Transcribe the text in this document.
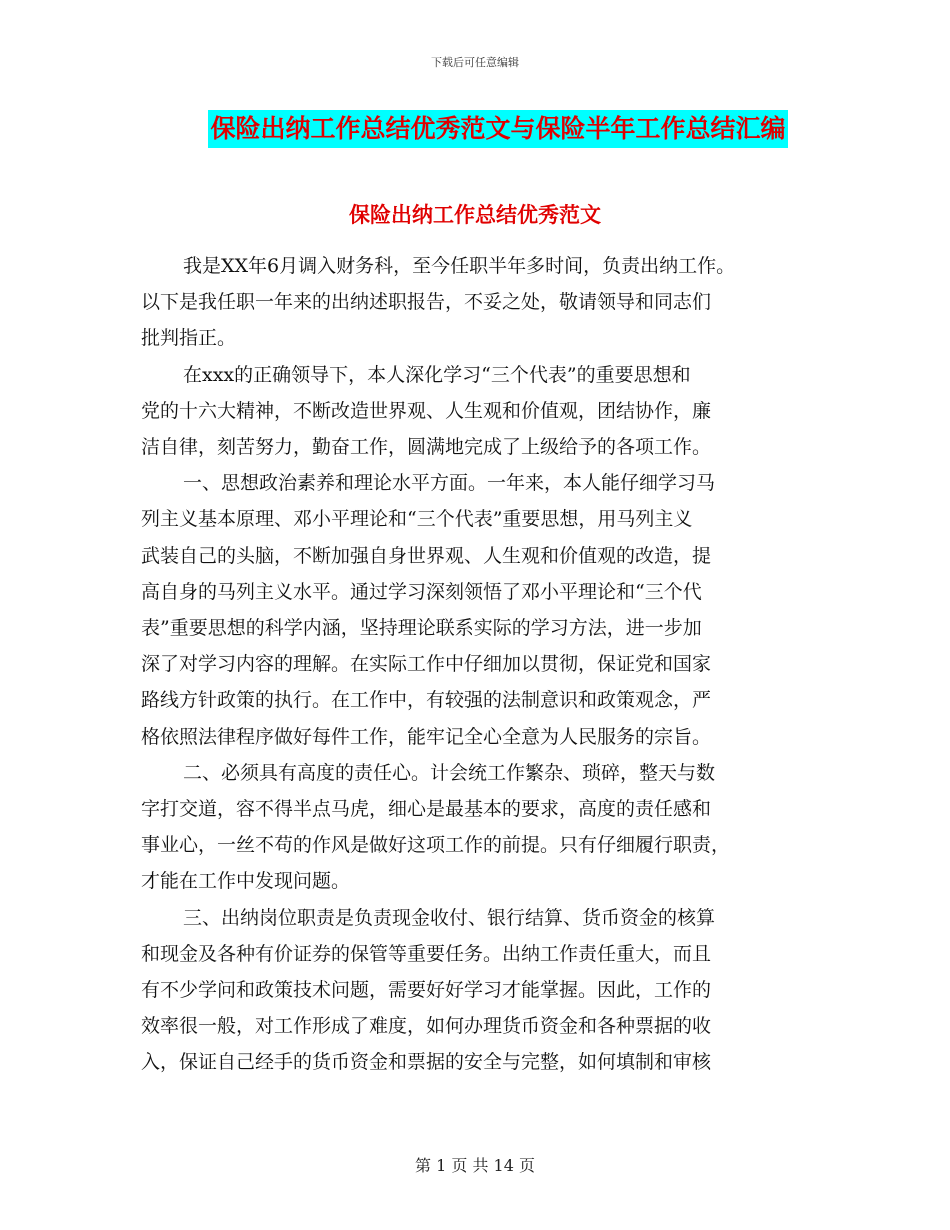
下载后可任意编辑
保险出纳工作总结优秀范文与保险半年工作总结汇编
保险出纳工作总结优秀范文

我是XX年6月调入财务科，至今任职半年多时间，负责出纳工作。
以下是我任职一年来的出纳述职报告，不妥之处，敬请领导和同志们
批判指正。

在xxx的正确领导下，本人深化学习“三个代表”的重要思想和
党的十六大精神，不断改造世界观、人生观和价值观，团结协作，廉
洁自律，刻苦努力，勤奋工作，圆满地完成了上级给予的各项工作。

一、思想政治素养和理论水平方面。一年来，本人能仔细学习马
列主义基本原理、邓小平理论和“三个代表”重要思想，用马列主义
武装自己的头脑，不断加强自身世界观、人生观和价值观的改造，提
高自身的马列主义水平。通过学习深刻领悟了邓小平理论和“三个代
表”重要思想的科学内涵，坚持理论联系实际的学习方法，进一步加
深了对学习内容的理解。在实际工作中仔细加以贯彻，保证党和国家
路线方针政策的执行。在工作中，有较强的法制意识和政策观念，严
格依照法律程序做好每件工作，能牢记全心全意为人民服务的宗旨。

二、必须具有高度的责任心。计会统工作繁杂、琐碎，整天与数
字打交道，容不得半点马虎，细心是最基本的要求，高度的责任感和
事业心，一丝不苟的作风是做好这项工作的前提。只有仔细履行职责，
才能在工作中发现问题。

三、出纳岗位职责是负责现金收付、银行结算、货币资金的核算
和现金及各种有价证券的保管等重要任务。出纳工作责任重大，而且
有不少学问和政策技术问题，需要好好学习才能掌握。因此，工作的
效率很一般，对工作形成了难度，如何办理货币资金和各种票据的收
入，保证自己经手的货币资金和票据的安全与完整，如何填制和审核

第 1 页 共 14 页
